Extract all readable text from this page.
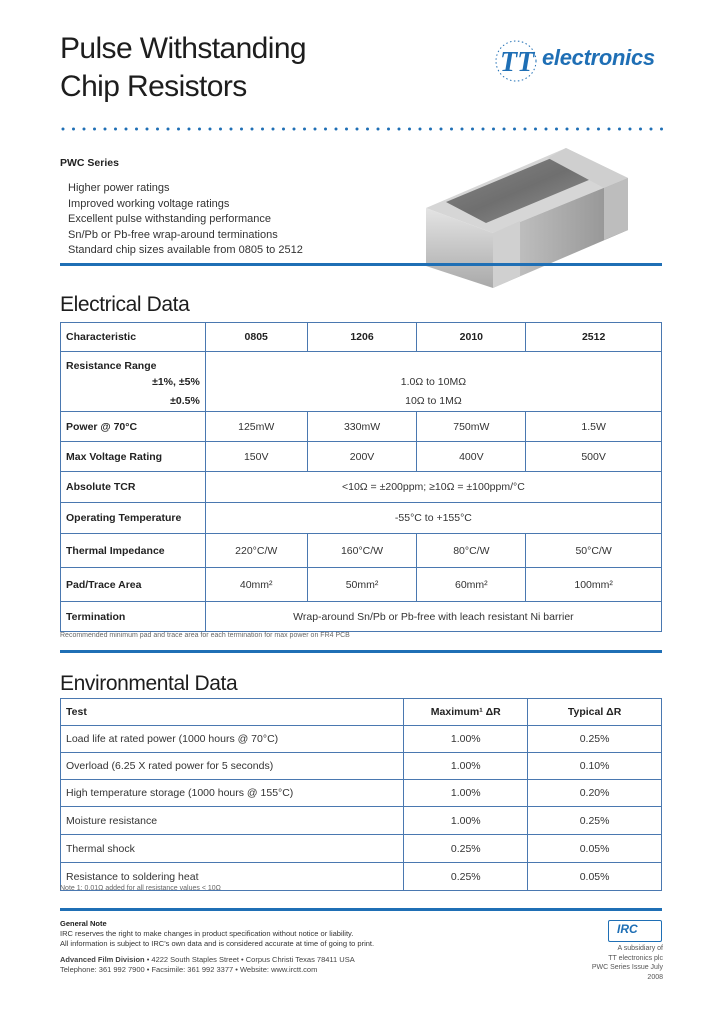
Pulse Withstanding
Chip Resistors
TT electronics
PWC Series
Higher power ratings
Improved working voltage ratings
Excellent pulse withstanding performance
Sn/Pb or Pb-free wrap-around terminations
Standard chip sizes available from 0805 to 2512
Electrical Data
Characteristic	0805	1206	2010	2512
Resistance Range				

±1%, ±5%	1.0Ω to 10MΩ			

±0.5%	10Ω to 1MΩ			
Power @ 70°C	125mW	330mW	750mW	1.5W
Max Voltage Rating	150V	200V	400V	500V
Absolute TCR	<10Ω = ±200ppm; ≥10Ω = ±100ppm/°C			
Operating Temperature	-55°C to +155°C			
Thermal Impedance	220°C/W	160°C/W	80°C/W	50°C/W
Pad/Trace Area	40mm²	50mm²	60mm²	100mm²
Termination	Wrap-around Sn/Pb or Pb-free with leach resistant Ni barrier			
Recommended minimum pad and trace area for each termination for max power on FR4 PCB
Environmental Data
Test	Maximum¹ ΔR	Typical ΔR
Load life at rated power (1000 hours @ 70°C)	1.00%	0.25%
Overload (6.25 X rated power for 5 seconds)	1.00%	0.10%
High temperature storage (1000 hours @ 155°C)	1.00%	0.20%
Moisture resistance	1.00%	0.25%
Thermal shock	0.25%	0.05%
Resistance to soldering heat	0.25%	0.05%
Note 1: 0.01Ω added for all resistance values < 10Ω
General Note
IRC reserves the right to make changes in product specification without notice or liability.
All information is subject to IRC's own data and is considered accurate at time of going to print.
Advanced Film Division • 4222 South Staples Street • Corpus Christi Texas 78411 USA
Telephone: 361 992 7900 • Facsimile: 361 992 3377 • Website: www.irctt.com
IRC
A subsidiary of
TT electronics plc
PWC Series Issue July 2008
